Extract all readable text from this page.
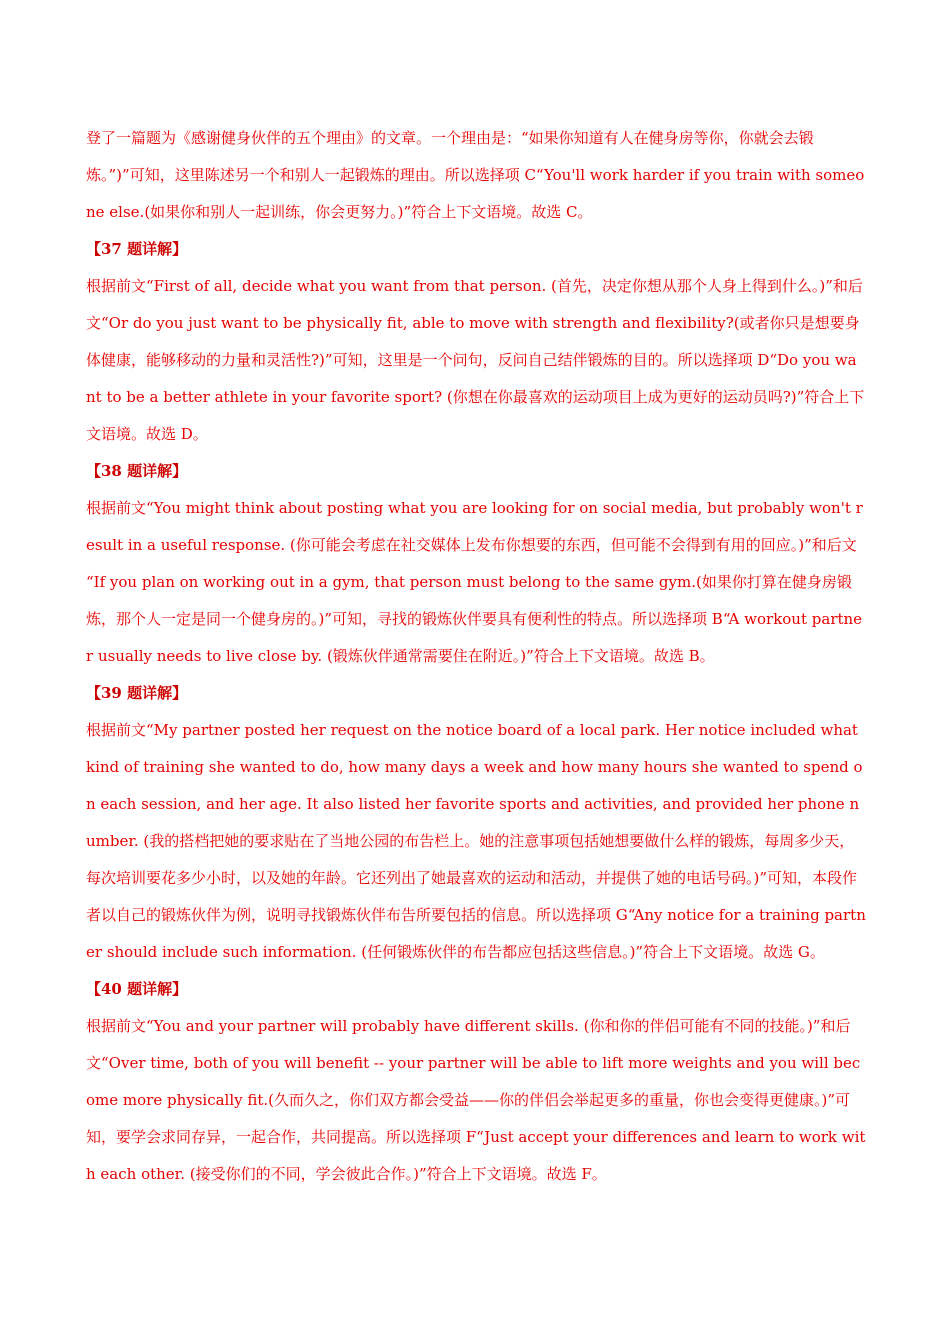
登了一篇题为《感谢健身伙伴的五个理由》的文章。一个理由是：“如果你知道有人在健身房等你，你就会去锻炼。”)”可知，这里陈述另一个和别人一起锻炼的理由。所以选择项 C“You'll work harder if you train with someone else.(如果你和别人一起训练，你会更努力。)”符合上下文语境。故选 C。

【37 题详解】

根据前文“First of all, decide what you want from that person. (首先，决定你想从那个人身上得到什么。)”和后文“Or do you just want to be physically fit, able to move with strength and flexibility?(或者你只是想要身体健康，能够移动的力量和灵活性?)”可知，这里是一个问句，反问自己结伴锻炼的目的。所以选择项 D“Do you want to be a better athlete in your favorite sport? (你想在你最喜欢的运动项目上成为更好的运动员吗?)”符合上下文语境。故选 D。

【38 题详解】

根据前文“You might think about posting what you are looking for on social media, but probably won't result in a useful response. (你可能会考虑在社交媒体上发布你想要的东西，但可能不会得到有用的回应。)”和后文 “If you plan on working out in a gym, that person must belong to the same gym.(如果你打算在健身房锻炼，那个人一定是同一个健身房的。)”可知，寻找的锻炼伙伴要具有便利性的特点。所以选择项 B“A workout partner usually needs to live close by. (锻炼伙伴通常需要住在附近。)”符合上下文语境。故选 B。

【39 题详解】

根据前文“My partner posted her request on the notice board of a local park. Her notice included what kind of training she wanted to do, how many days a week and how many hours she wanted to spend on each session, and her age. It also listed her favorite sports and activities, and provided her phone number. (我的搭档把她的要求贴在了当地公园的布告栏上。她的注意事项包括她想要做什么样的锻炼，每周多少天，每次培训要花多少小时，以及她的年龄。它还列出了她最喜欢的运动和活动，并提供了她的电话号码。)”可知，本段作者以自己的锻炼伙伴为例，说明寻找锻炼伙伴布告所要包括的信息。所以选择项 G“Any notice for a training partner should include such information. (任何锻炼伙伴的布告都应包括这些信息。)”符合上下文语境。故选 G。

【40 题详解】

根据前文“You and your partner will probably have different skills. (你和你的伴侣可能有不同的技能。)”和后文“Over time, both of you will benefit -- your partner will be able to lift more weights and you will become more physically fit.(久而久之，你们双方都会受益——你的伴侣会举起更多的重量，你也会变得更健康。)”可知，要学会求同存异，一起合作，共同提高。所以选择项 F“Just accept your differences and learn to work with each other. (接受你们的不同，学会彼此合作。)”符合上下文语境。故选 F。
